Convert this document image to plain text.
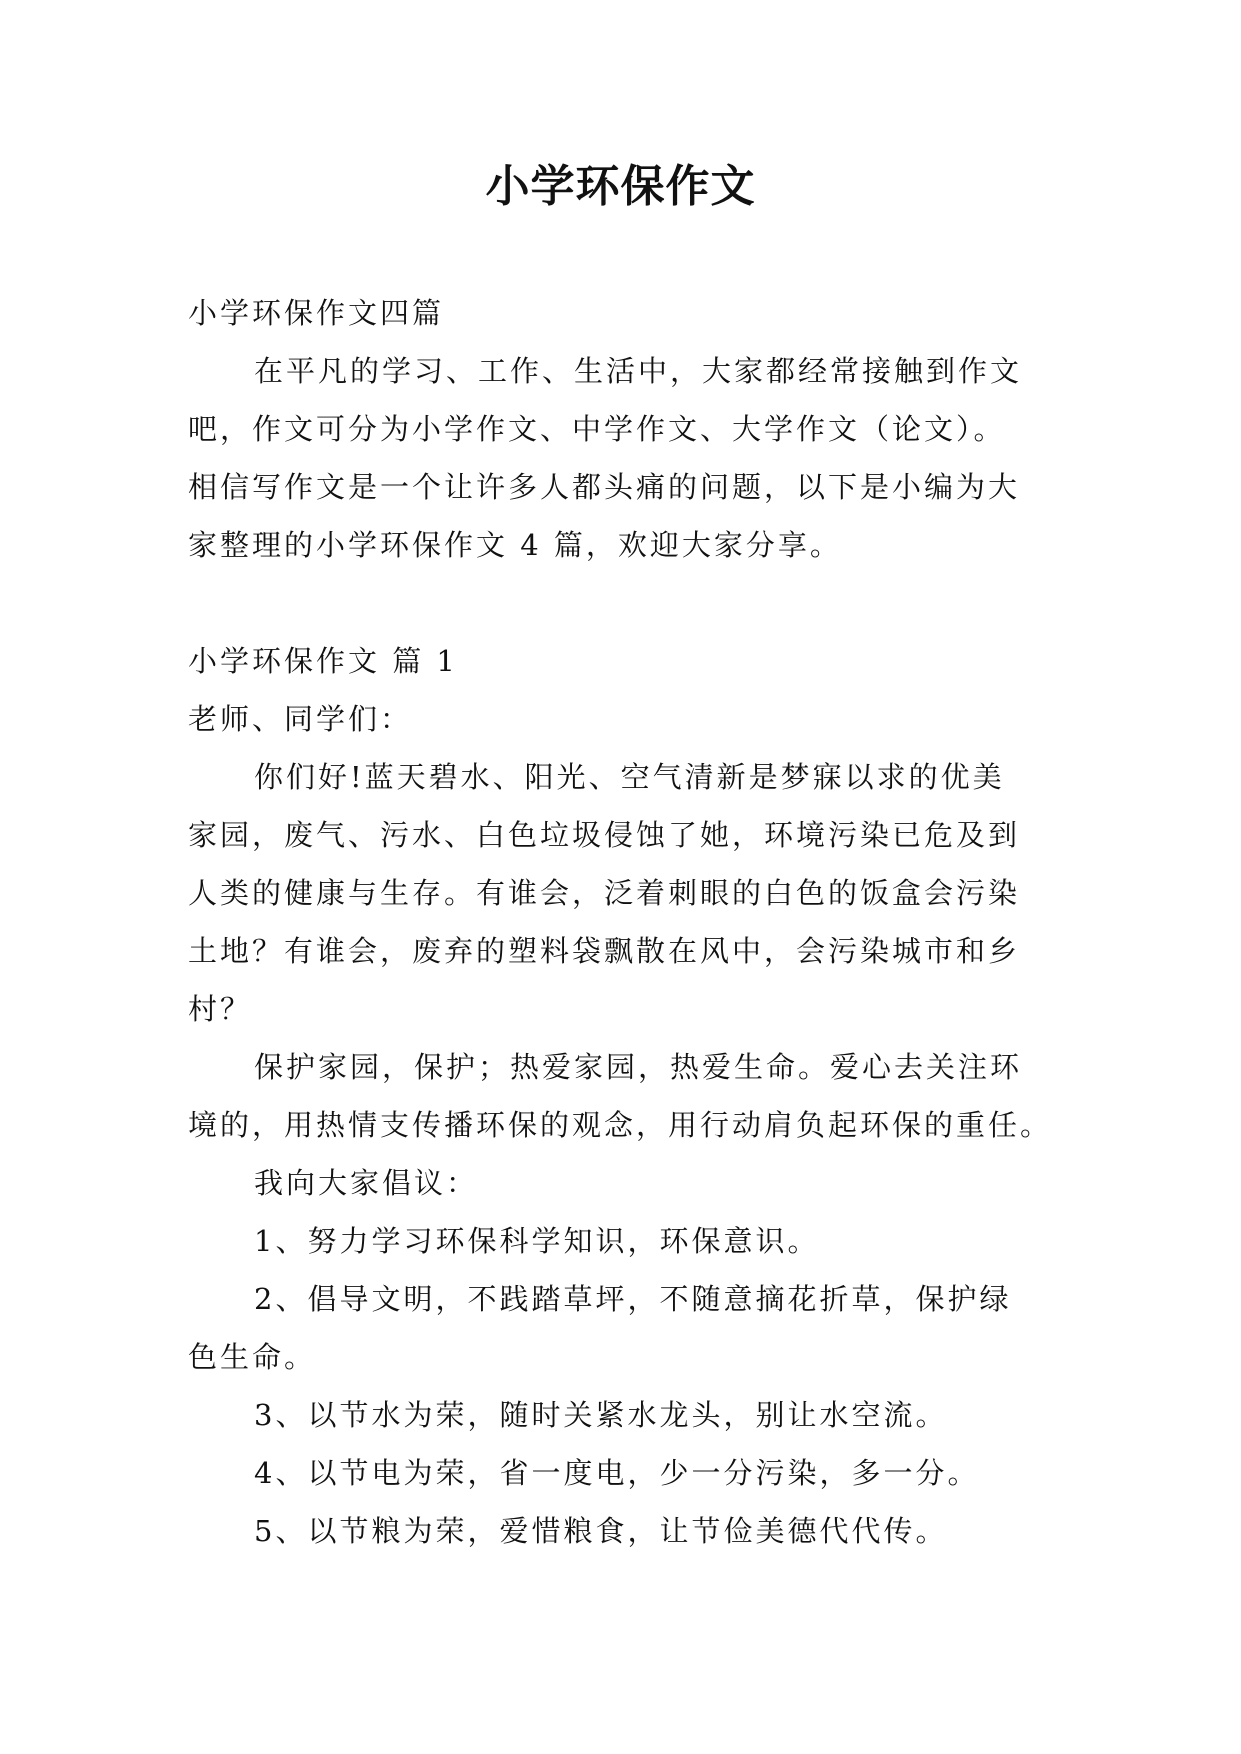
小学环保作文
小学环保作文四篇
在平凡的学习、工作、生活中，大家都经常接触到作文
吧，作文可分为小学作文、中学作文、大学作文（论文）。
相信写作文是一个让许多人都头痛的问题，以下是小编为大
家整理的小学环保作文 4 篇，欢迎大家分享。
小学环保作文 篇 1
老师、同学们：
你们好!蓝天碧水、阳光、空气清新是梦寐以求的优美
家园，废气、污水、白色垃圾侵蚀了她，环境污染已危及到
人类的健康与生存。有谁会，泛着刺眼的白色的饭盒会污染
土地？有谁会，废弃的塑料袋飘散在风中，会污染城市和乡
村？
保护家园，保护；热爱家园，热爱生命。爱心去关注环
境的，用热情支传播环保的观念，用行动肩负起环保的重任。
我向大家倡议：
1、努力学习环保科学知识，环保意识。
2、倡导文明，不践踏草坪，不随意摘花折草，保护绿
色生命。
3、以节水为荣，随时关紧水龙头，别让水空流。
4、以节电为荣，省一度电，少一分污染，多一分。
5、以节粮为荣，爱惜粮食，让节俭美德代代传。
